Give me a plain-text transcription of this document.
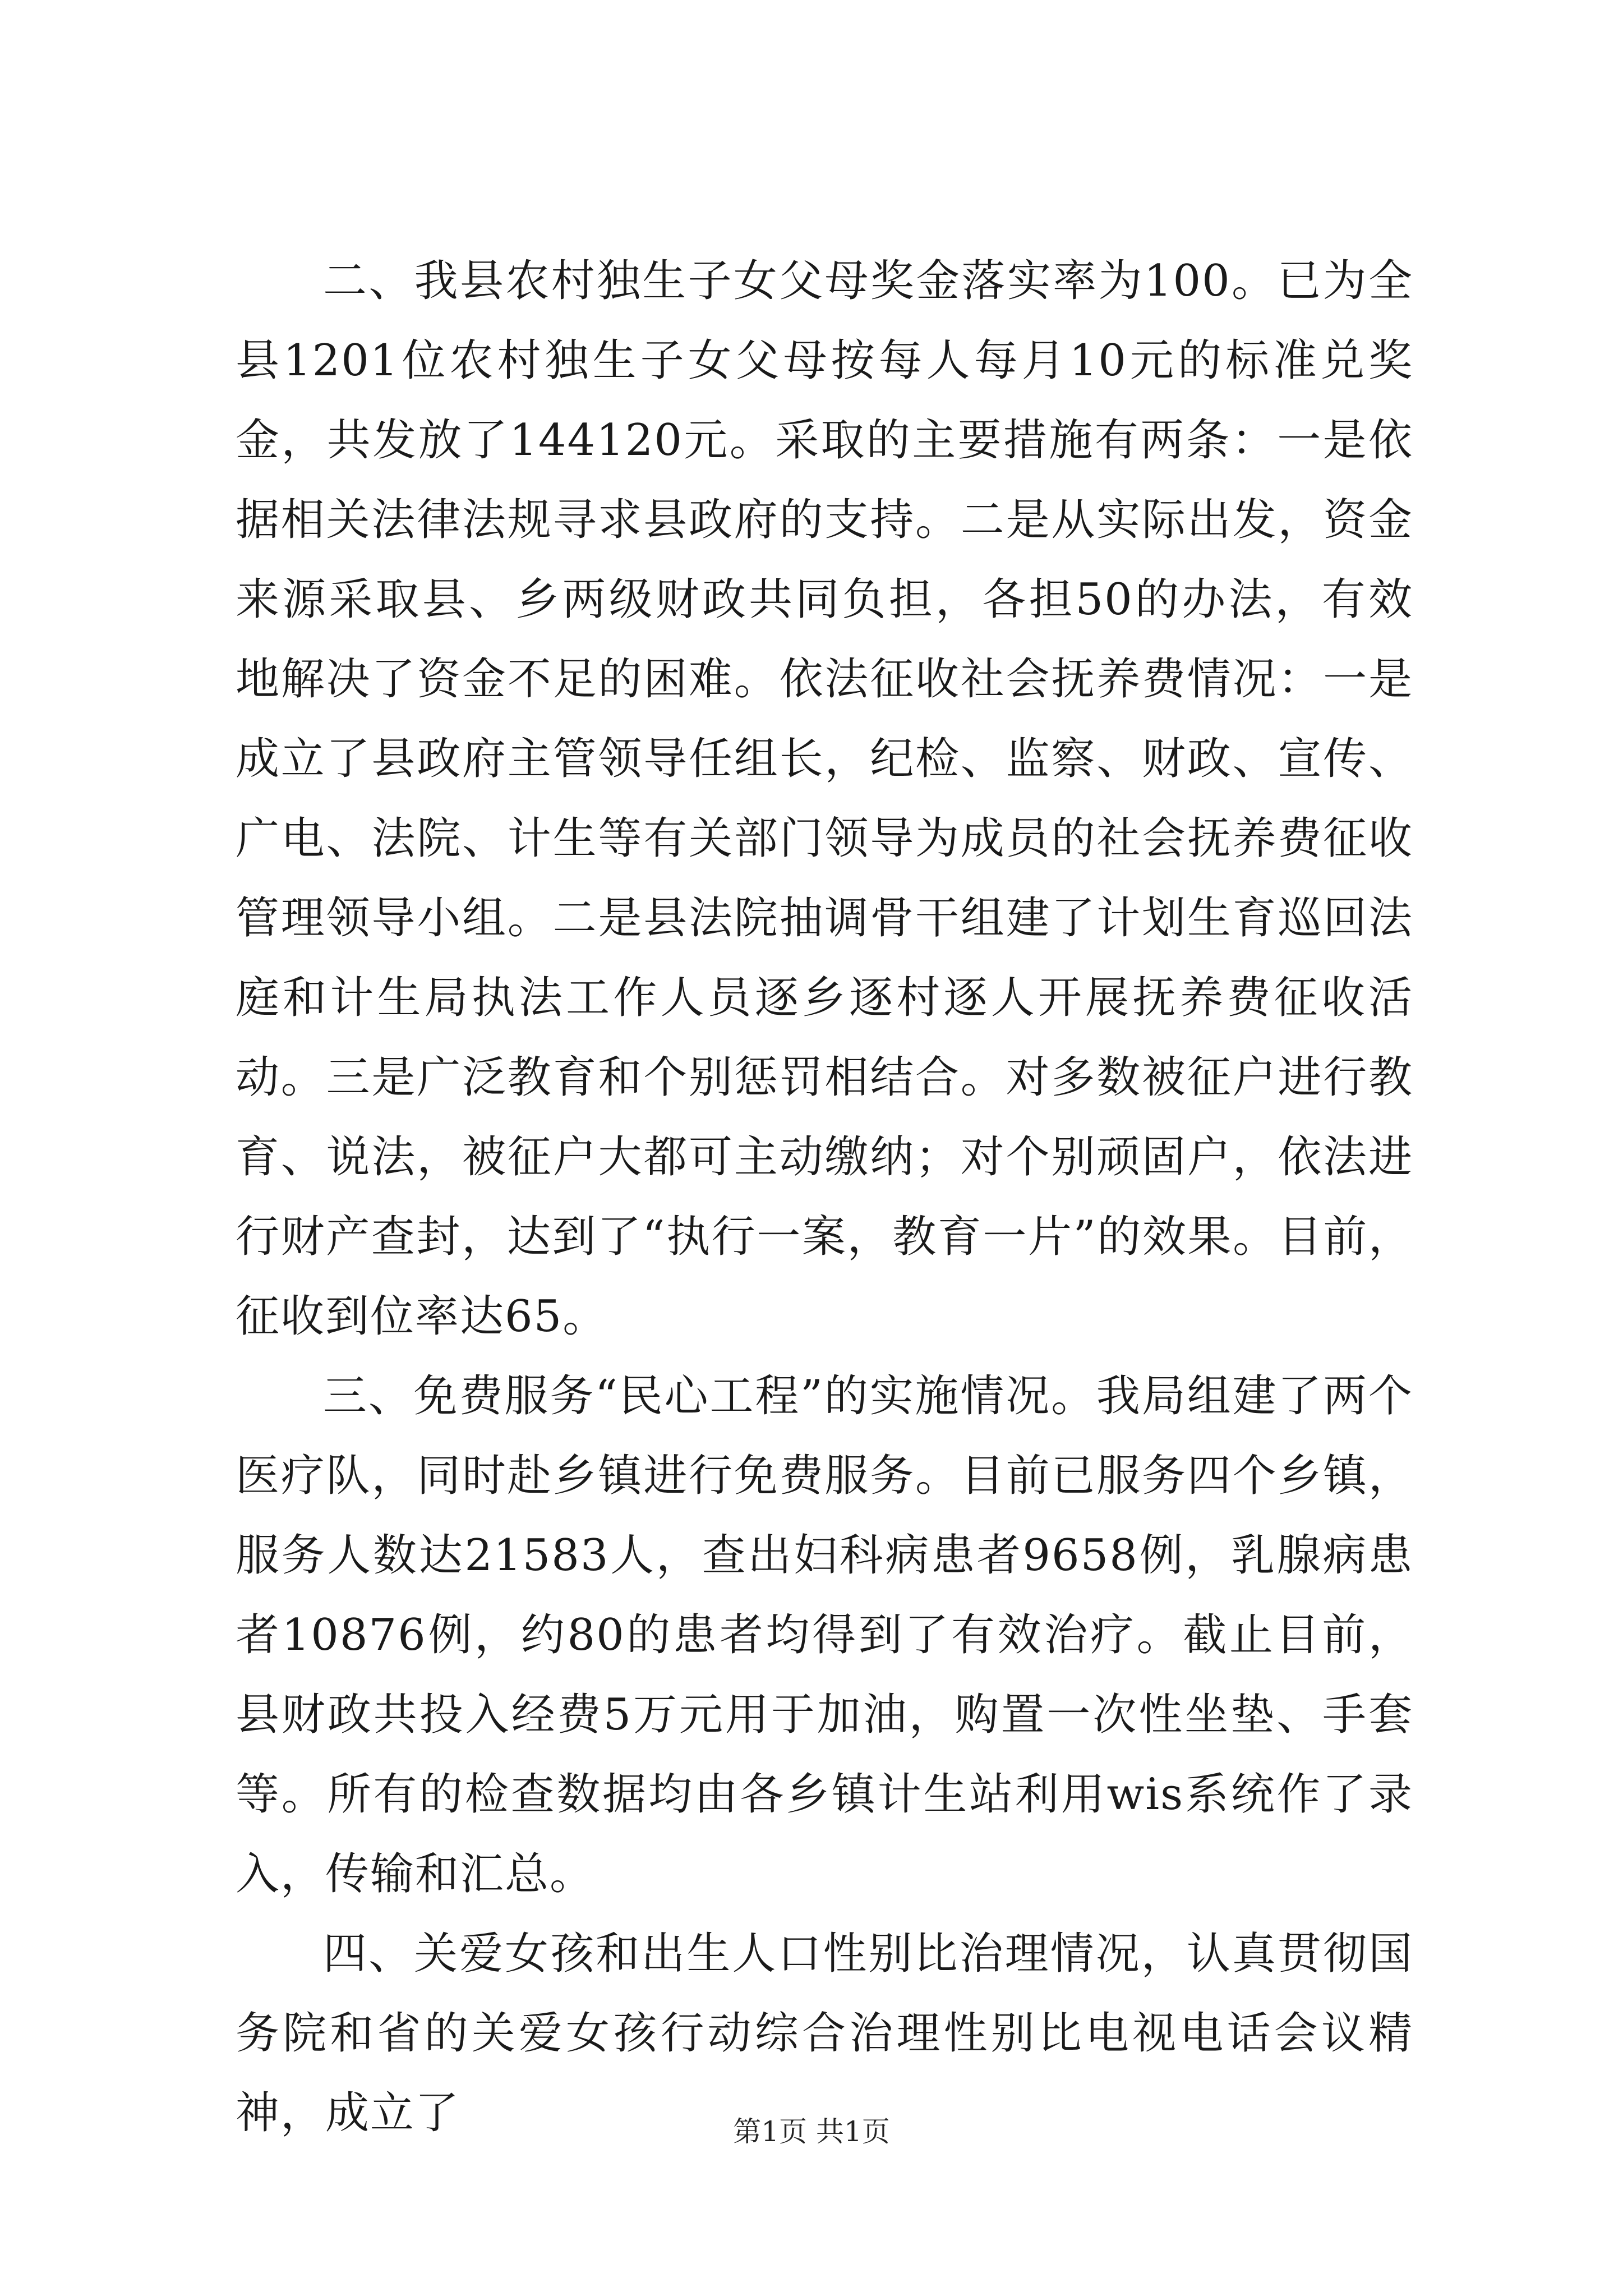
二、我县农村独生子女父母奖金落实率为100。已为全县1201位农村独生子女父母按每人每月10元的标准兑奖金，共发放了144120元。采取的主要措施有两条：一是依据相关法律法规寻求县政府的支持。二是从实际出发，资金来源采取县、乡两级财政共同负担，各担50的办法，有效地解决了资金不足的困难。依法征收社会抚养费情况：一是成立了县政府主管领导任组长，纪检、监察、财政、宣传、广电、法院、计生等有关部门领导为成员的社会抚养费征收管理领导小组。二是县法院抽调骨干组建了计划生育巡回法庭和计生局执法工作人员逐乡逐村逐人开展抚养费征收活动。三是广泛教育和个别惩罚相结合。对多数被征户进行教育、说法，被征户大都可主动缴纳；对个别顽固户，依法进行财产查封，达到了“执行一案，教育一片”的效果。目前，征收到位率达65。

三、免费服务“民心工程”的实施情况。我局组建了两个医疗队，同时赴乡镇进行免费服务。目前已服务四个乡镇，服务人数达21583人，查出妇科病患者9658例，乳腺病患者10876例，约80的患者均得到了有效治疗。截止目前，县财政共投入经费5万元用于加油，购置一次性坐垫、手套等。所有的检查数据均由各乡镇计生站利用wis系统作了录入，传输和汇总。

四、关爱女孩和出生人口性别比治理情况，认真贯彻国务院和省的关爱女孩行动综合治理性别比电视电话会议精神，成立了	第1页 共1页
